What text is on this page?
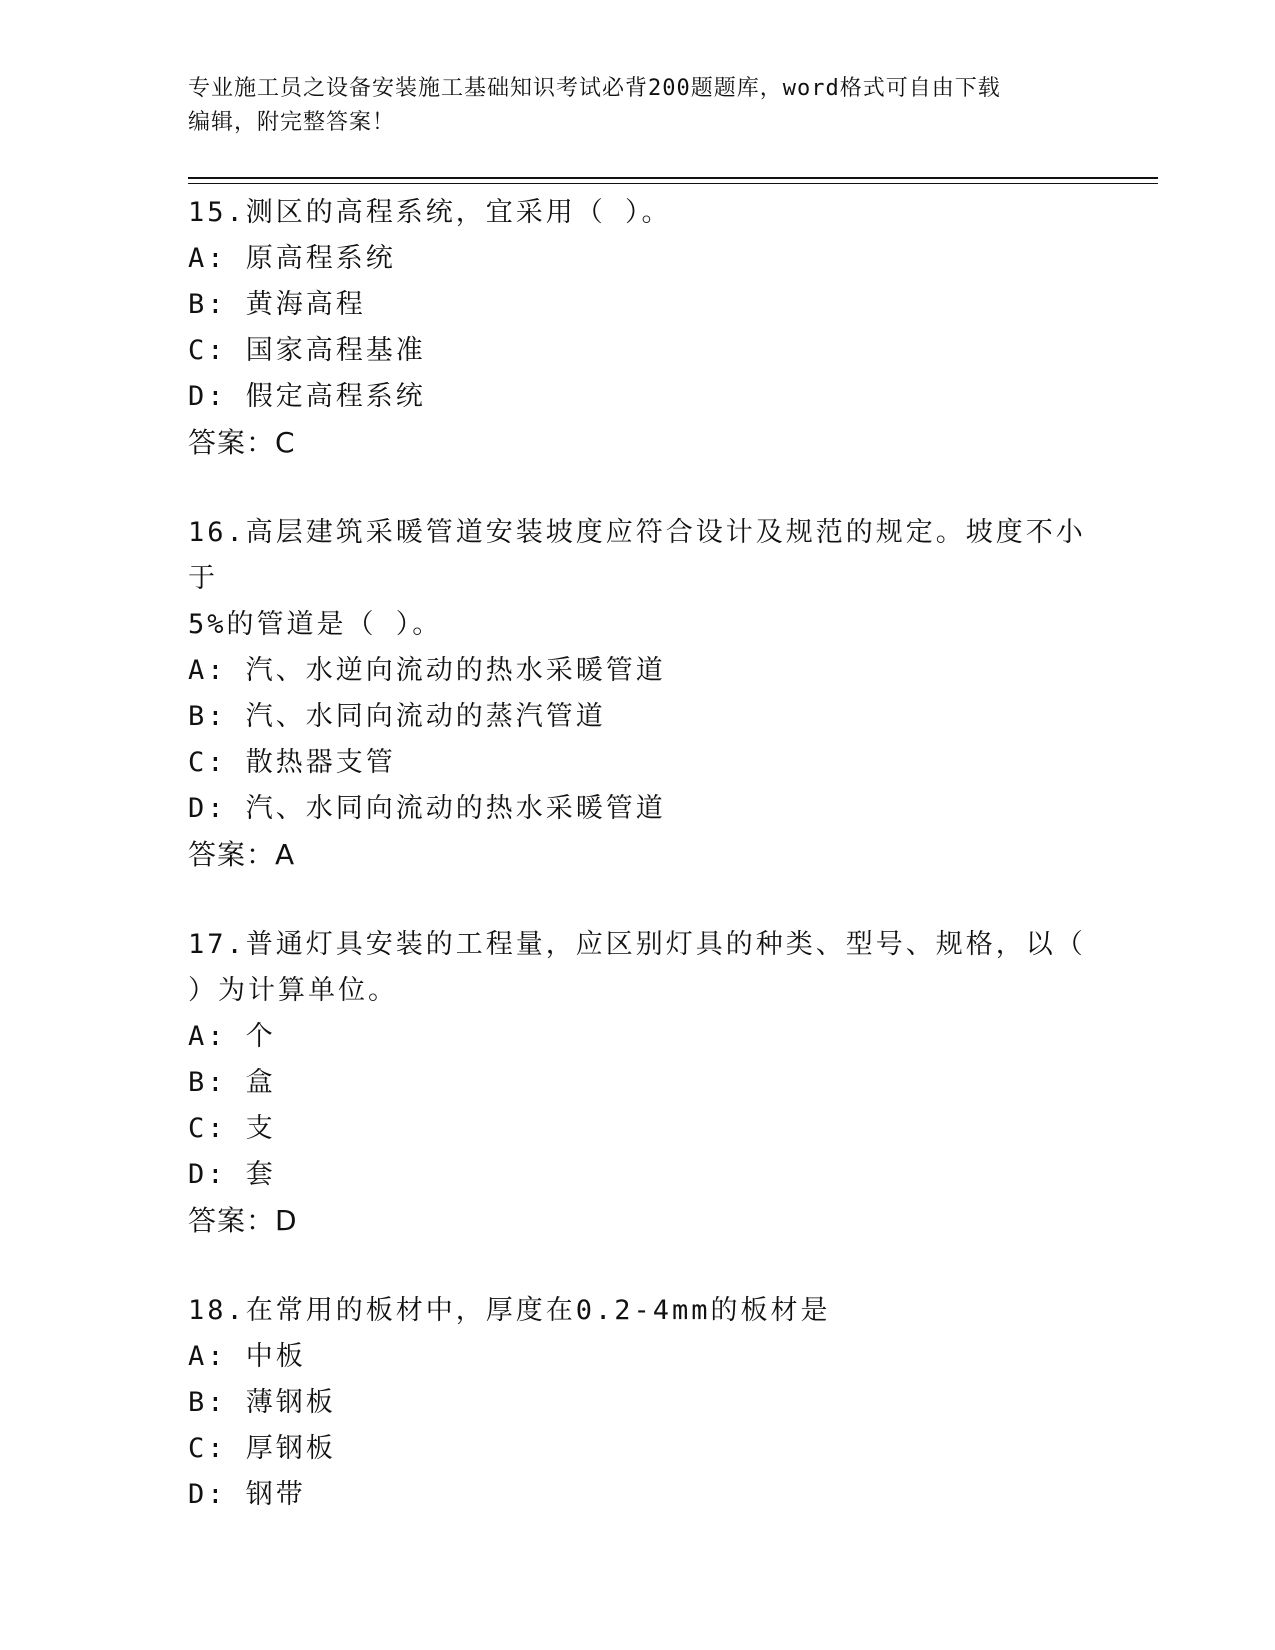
专业施工员之设备安装施工基础知识考试必背200题题库，word格式可自由下载
编辑，附完整答案！
15.测区的高程系统，宜采用（ ）。
A: 原高程系统
B: 黄海高程
C: 国家高程基准
D: 假定高程系统
答案：C
16.高层建筑采暖管道安装坡度应符合设计及规范的规定。坡度不小于
5%的管道是（ ）。
A: 汽、水逆向流动的热水采暖管道
B: 汽、水同向流动的蒸汽管道
C: 散热器支管
D: 汽、水同向流动的热水采暖管道
答案：A
17.普通灯具安装的工程量，应区别灯具的种类、型号、规格，以（
）为计算单位。
A: 个
B: 盒
C: 支
D: 套
答案：D
18.在常用的板材中，厚度在0.2-4mm的板材是
A: 中板
B: 薄钢板
C: 厚钢板
D: 钢带
